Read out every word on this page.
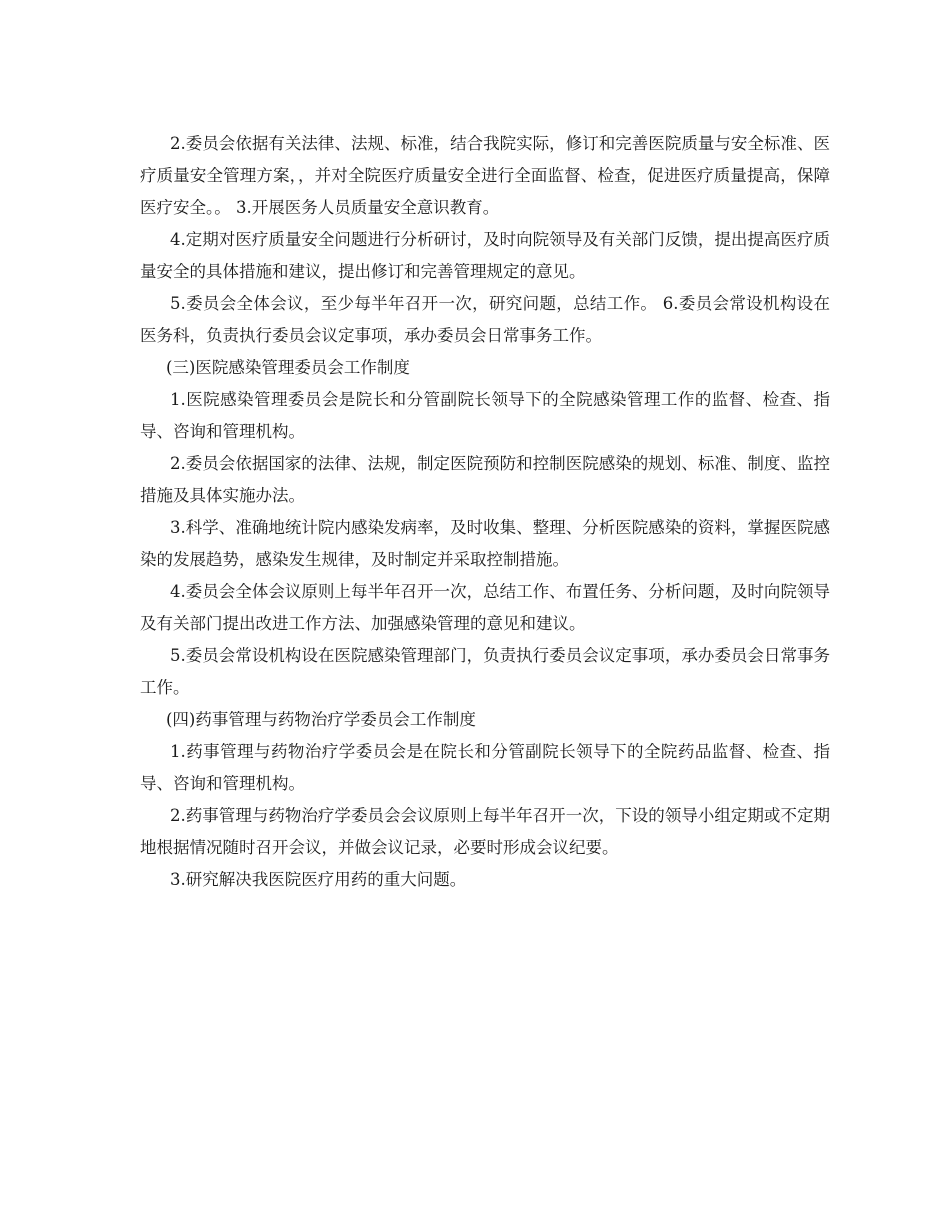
2.委员会依据有关法律、法规、标准，结合我院实际，修订和完善医院质量与安全标准、医疗质量安全管理方案，，并对全院医疗质量安全进行全面监督、检查，促进医疗质量提高，保障医疗安全。。 3.开展医务人员质量安全意识教育。

4.定期对医疗质量安全问题进行分析研讨，及时向院领导及有关部门反馈，提出提高医疗质量安全的具体措施和建议，提出修订和完善管理规定的意见。

5.委员会全体会议，至少每半年召开一次，研究问题，总结工作。 6.委员会常设机构设在医务科，负责执行委员会议定事项，承办委员会日常事务工作。

(三)医院感染管理委员会工作制度

1.医院感染管理委员会是院长和分管副院长领导下的全院感染管理工作的监督、检查、指导、咨询和管理机构。

2.委员会依据国家的法律、法规，制定医院预防和控制医院感染的规划、标准、制度、监控措施及具体实施办法。

3.科学、准确地统计院内感染发病率，及时收集、整理、分析医院感染的资料，掌握医院感染的发展趋势，感染发生规律，及时制定并采取控制措施。

4.委员会全体会议原则上每半年召开一次，总结工作、布置任务、分析问题，及时向院领导及有关部门提出改进工作方法、加强感染管理的意见和建议。

5.委员会常设机构设在医院感染管理部门，负责执行委员会议定事项，承办委员会日常事务工作。

(四)药事管理与药物治疗学委员会工作制度

1.药事管理与药物治疗学委员会是在院长和分管副院长领导下的全院药品监督、检查、指导、咨询和管理机构。

2.药事管理与药物治疗学委员会会议原则上每半年召开一次，下设的领导小组定期或不定期地根据情况随时召开会议，并做会议记录，必要时形成会议纪要。

3.研究解决我医院医疗用药的重大问题。
